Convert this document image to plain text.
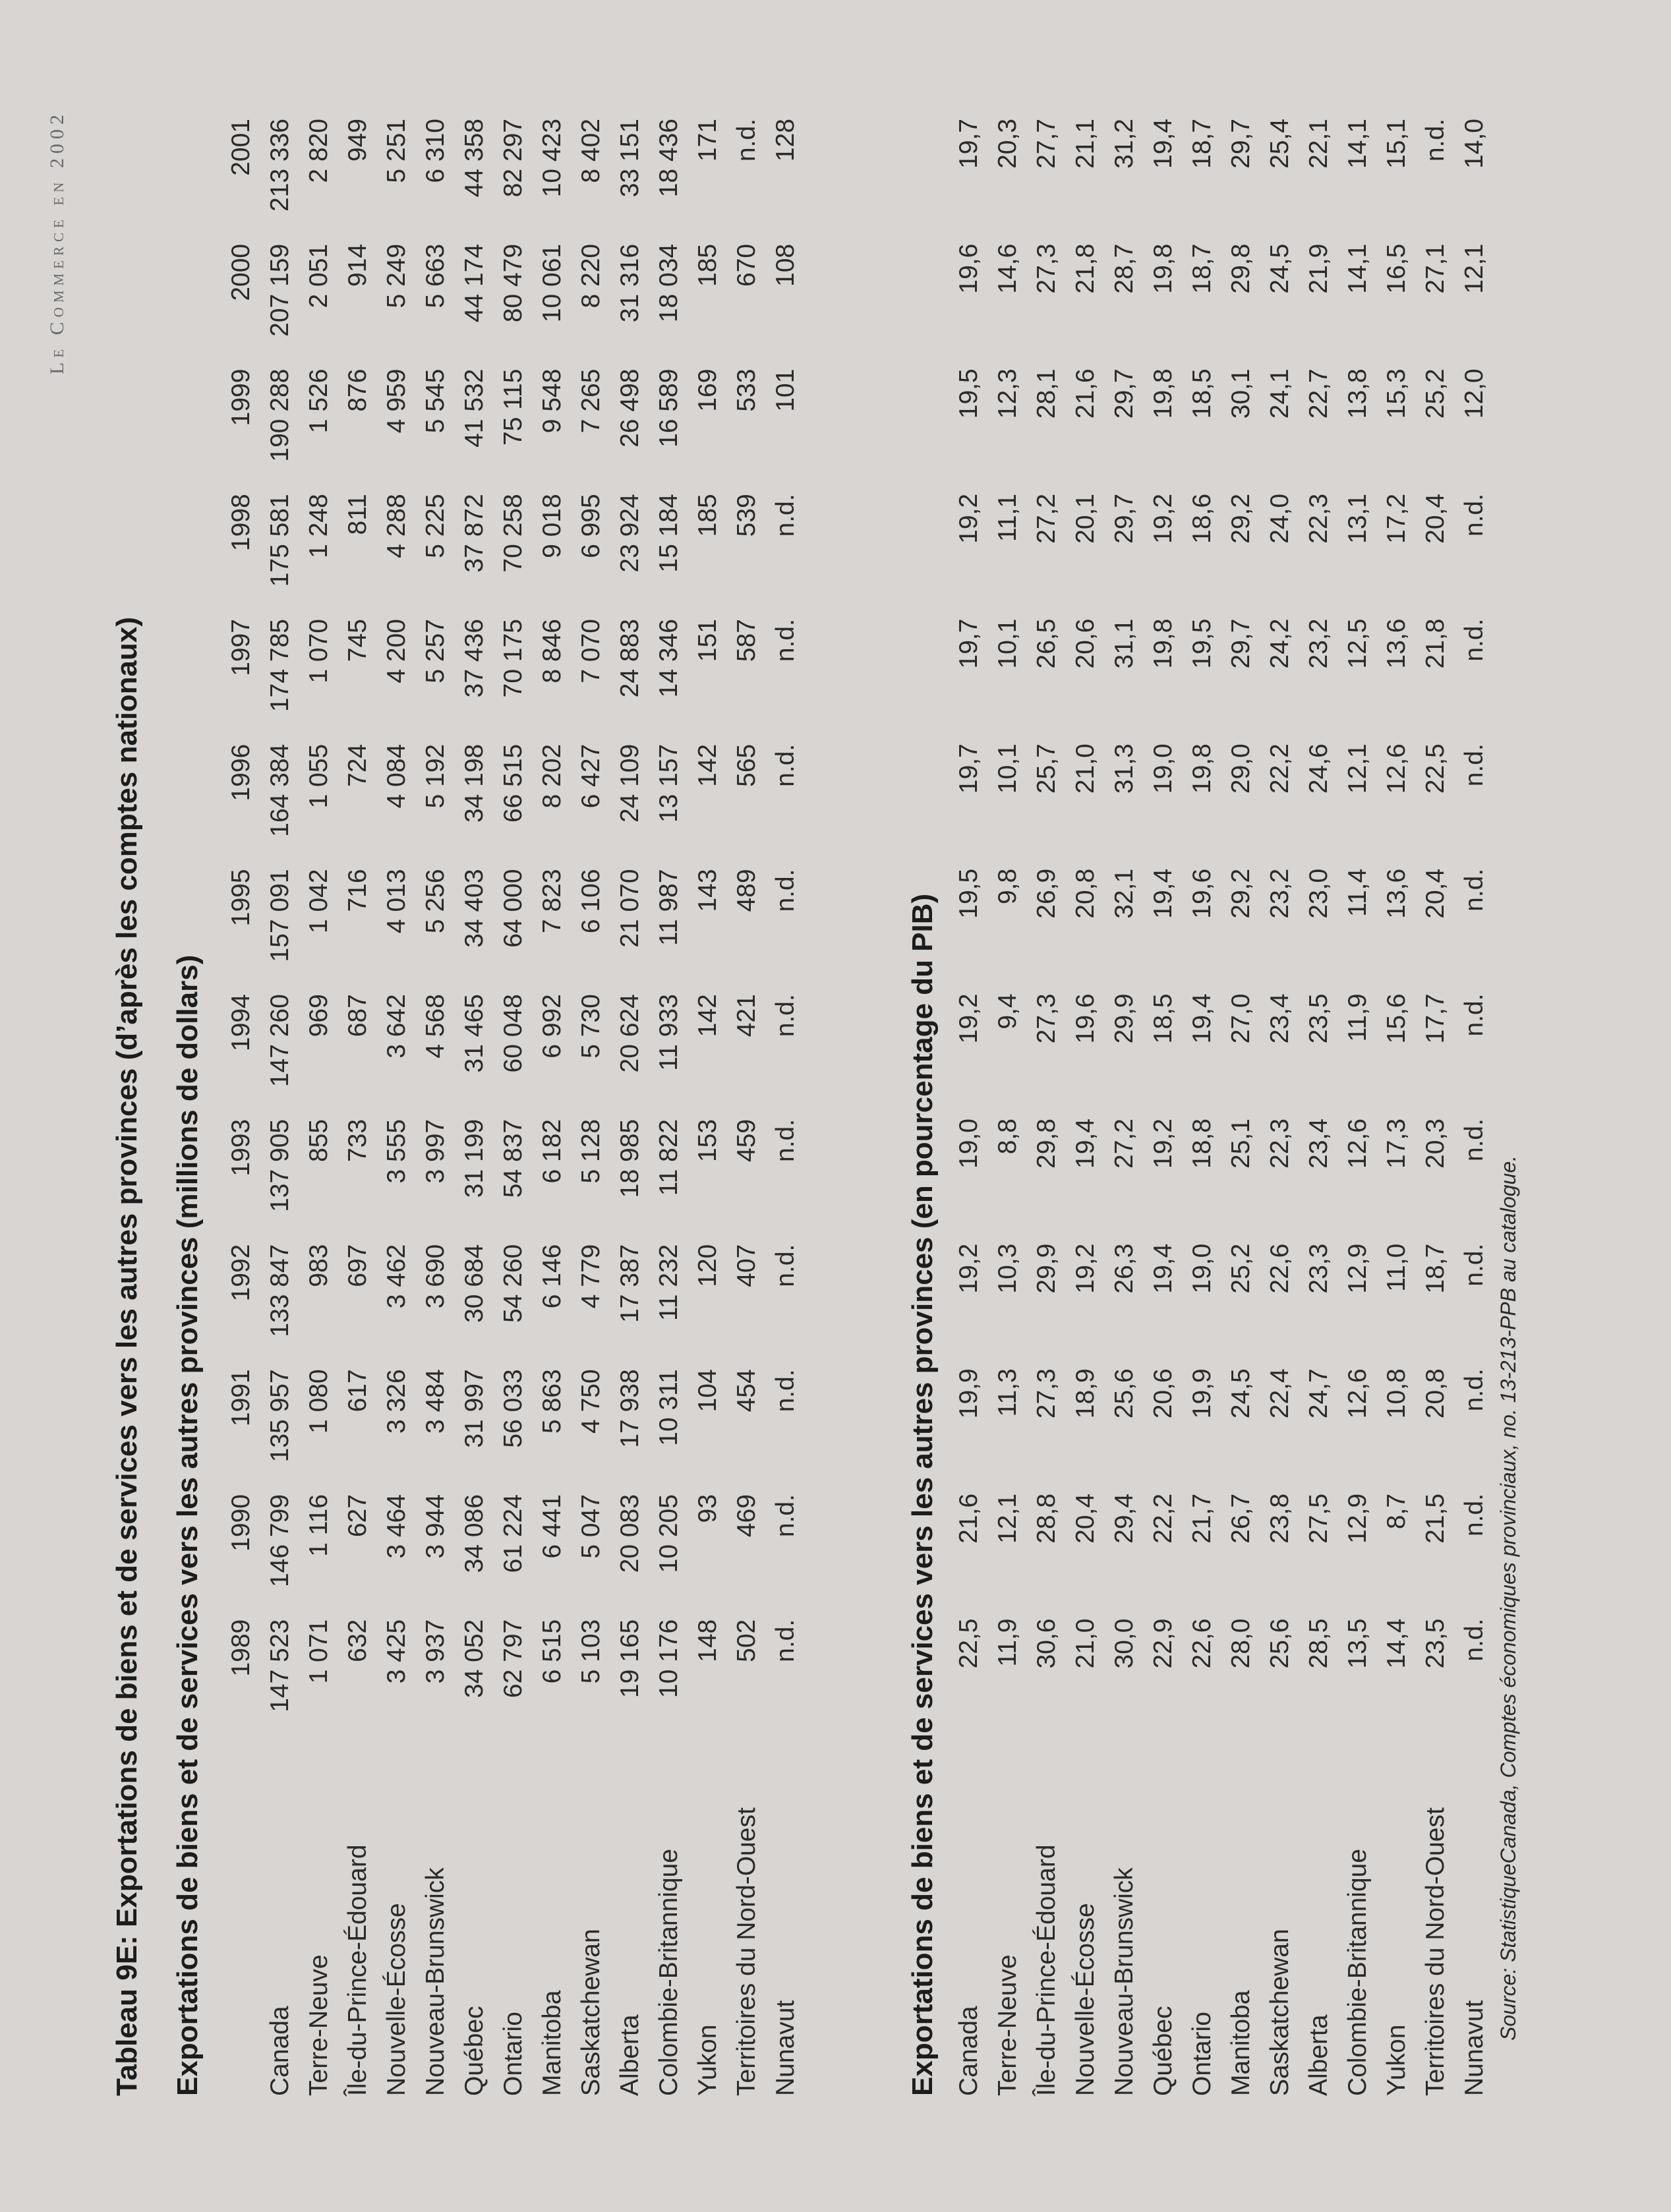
Le Commerce en 2002
Tableau 9E: Exportations de biens et de services vers les autres provinces (d’après les comptes nationaux) Exportations de biens et de services vers les autres provinces (millions de dollars)
	1989	1990	1991	1992	1993	1994	1995	1996	1997	1998	1999	2000	2001
Canada	147 523	146 799	135 957	133 847	137 905	147 260	157 091	164 384	174 785	175 581	190 288	207 159	213 336
Terre-Neuve	1 071	1 116	1 080	983	855	969	1 042	1 055	1 070	1 248	1 526	2 051	2 820
Île-du-Prince-Édouard	632	627	617	697	733	687	716	724	745	811	876	914	949
Nouvelle-Écosse	3 425	3 464	3 326	3 462	3 555	3 642	4 013	4 084	4 200	4 288	4 959	5 249	5 251
Nouveau-Brunswick	3 937	3 944	3 484	3 690	3 997	4 568	5 256	5 192	5 257	5 225	5 545	5 663	6 310
Québec	34 052	34 086	31 997	30 684	31 199	31 465	34 403	34 198	37 436	37 872	41 532	44 174	44 358
Ontario	62 797	61 224	56 033	54 260	54 837	60 048	64 000	66 515	70 175	70 258	75 115	80 479	82 297
Manitoba	6 515	6 441	5 863	6 146	6 182	6 992	7 823	8 202	8 846	9 018	9 548	10 061	10 423
Saskatchewan	5 103	5 047	4 750	4 779	5 128	5 730	6 106	6 427	7 070	6 995	7 265	8 220	8 402
Alberta	19 165	20 083	17 938	17 387	18 985	20 624	21 070	24 109	24 883	23 924	26 498	31 316	33 151
Colombie-Britannique	10 176	10 205	10 311	11 232	11 822	11 933	11 987	13 157	14 346	15 184	16 589	18 034	18 436
Yukon	148	93	104	120	153	142	143	142	151	185	169	185	171
Territoires du Nord-Ouest	502	469	454	407	459	421	489	565	587	539	533	670	n.d.
Nunavut	n.d.	n.d.	n.d.	n.d.	n.d.	n.d.	n.d.	n.d.	n.d.	n.d.	101	108	128
Exportations de biens et de services vers les autres provinces (en pourcentage du PIB) Canada	22,5	21,6	19,9	19,2	19,0	19,2	19,5	19,7	19,7	19,2	19,5	19,6	19,7
Terre-Neuve	11,9	12,1	11,3	10,3	8,8	9,4	9,8	10,1	10,1	11,1	12,3	14,6	20,3
Île-du-Prince-Édouard	30,6	28,8	27,3	29,9	29,8	27,3	26,9	25,7	26,5	27,2	28,1	27,3	27,7
Nouvelle-Écosse	21,0	20,4	18,9	19,2	19,4	19,6	20,8	21,0	20,6	20,1	21,6	21,8	21,1
Nouveau-Brunswick	30,0	29,4	25,6	26,3	27,2	29,9	32,1	31,3	31,1	29,7	29,7	28,7	31,2
Québec	22,9	22,2	20,6	19,4	19,2	18,5	19,4	19,0	19,8	19,2	19,8	19,8	19,4
Ontario	22,6	21,7	19,9	19,0	18,8	19,4	19,6	19,8	19,5	18,6	18,5	18,7	18,7
Manitoba	28,0	26,7	24,5	25,2	25,1	27,0	29,2	29,0	29,7	29,2	30,1	29,8	29,7
Saskatchewan	25,6	23,8	22,4	22,6	22,3	23,4	23,2	22,2	24,2	24,0	24,1	24,5	25,4
Alberta	28,5	27,5	24,7	23,3	23,4	23,5	23,0	24,6	23,2	22,3	22,7	21,9	22,1
Colombie-Britannique	13,5	12,9	12,6	12,9	12,6	11,9	11,4	12,1	12,5	13,1	13,8	14,1	14,1
Yukon	14,4	8,7	10,8	11,0	17,3	15,6	13,6	12,6	13,6	17,2	15,3	16,5	15,1
Territoires du Nord-Ouest	23,5	21,5	20,8	18,7	20,3	17,7	20,4	22,5	21,8	20,4	25,2	27,1	n.d.
Nunavut	n.d.	n.d.	n.d.	n.d.	n.d.	n.d.	n.d.	n.d.	n.d.	n.d.	12,0	12,1	14,0
Source: StatistiqueCanada, Comptes économiques provinciaux, no. 13-213-PPB au catalogue.
